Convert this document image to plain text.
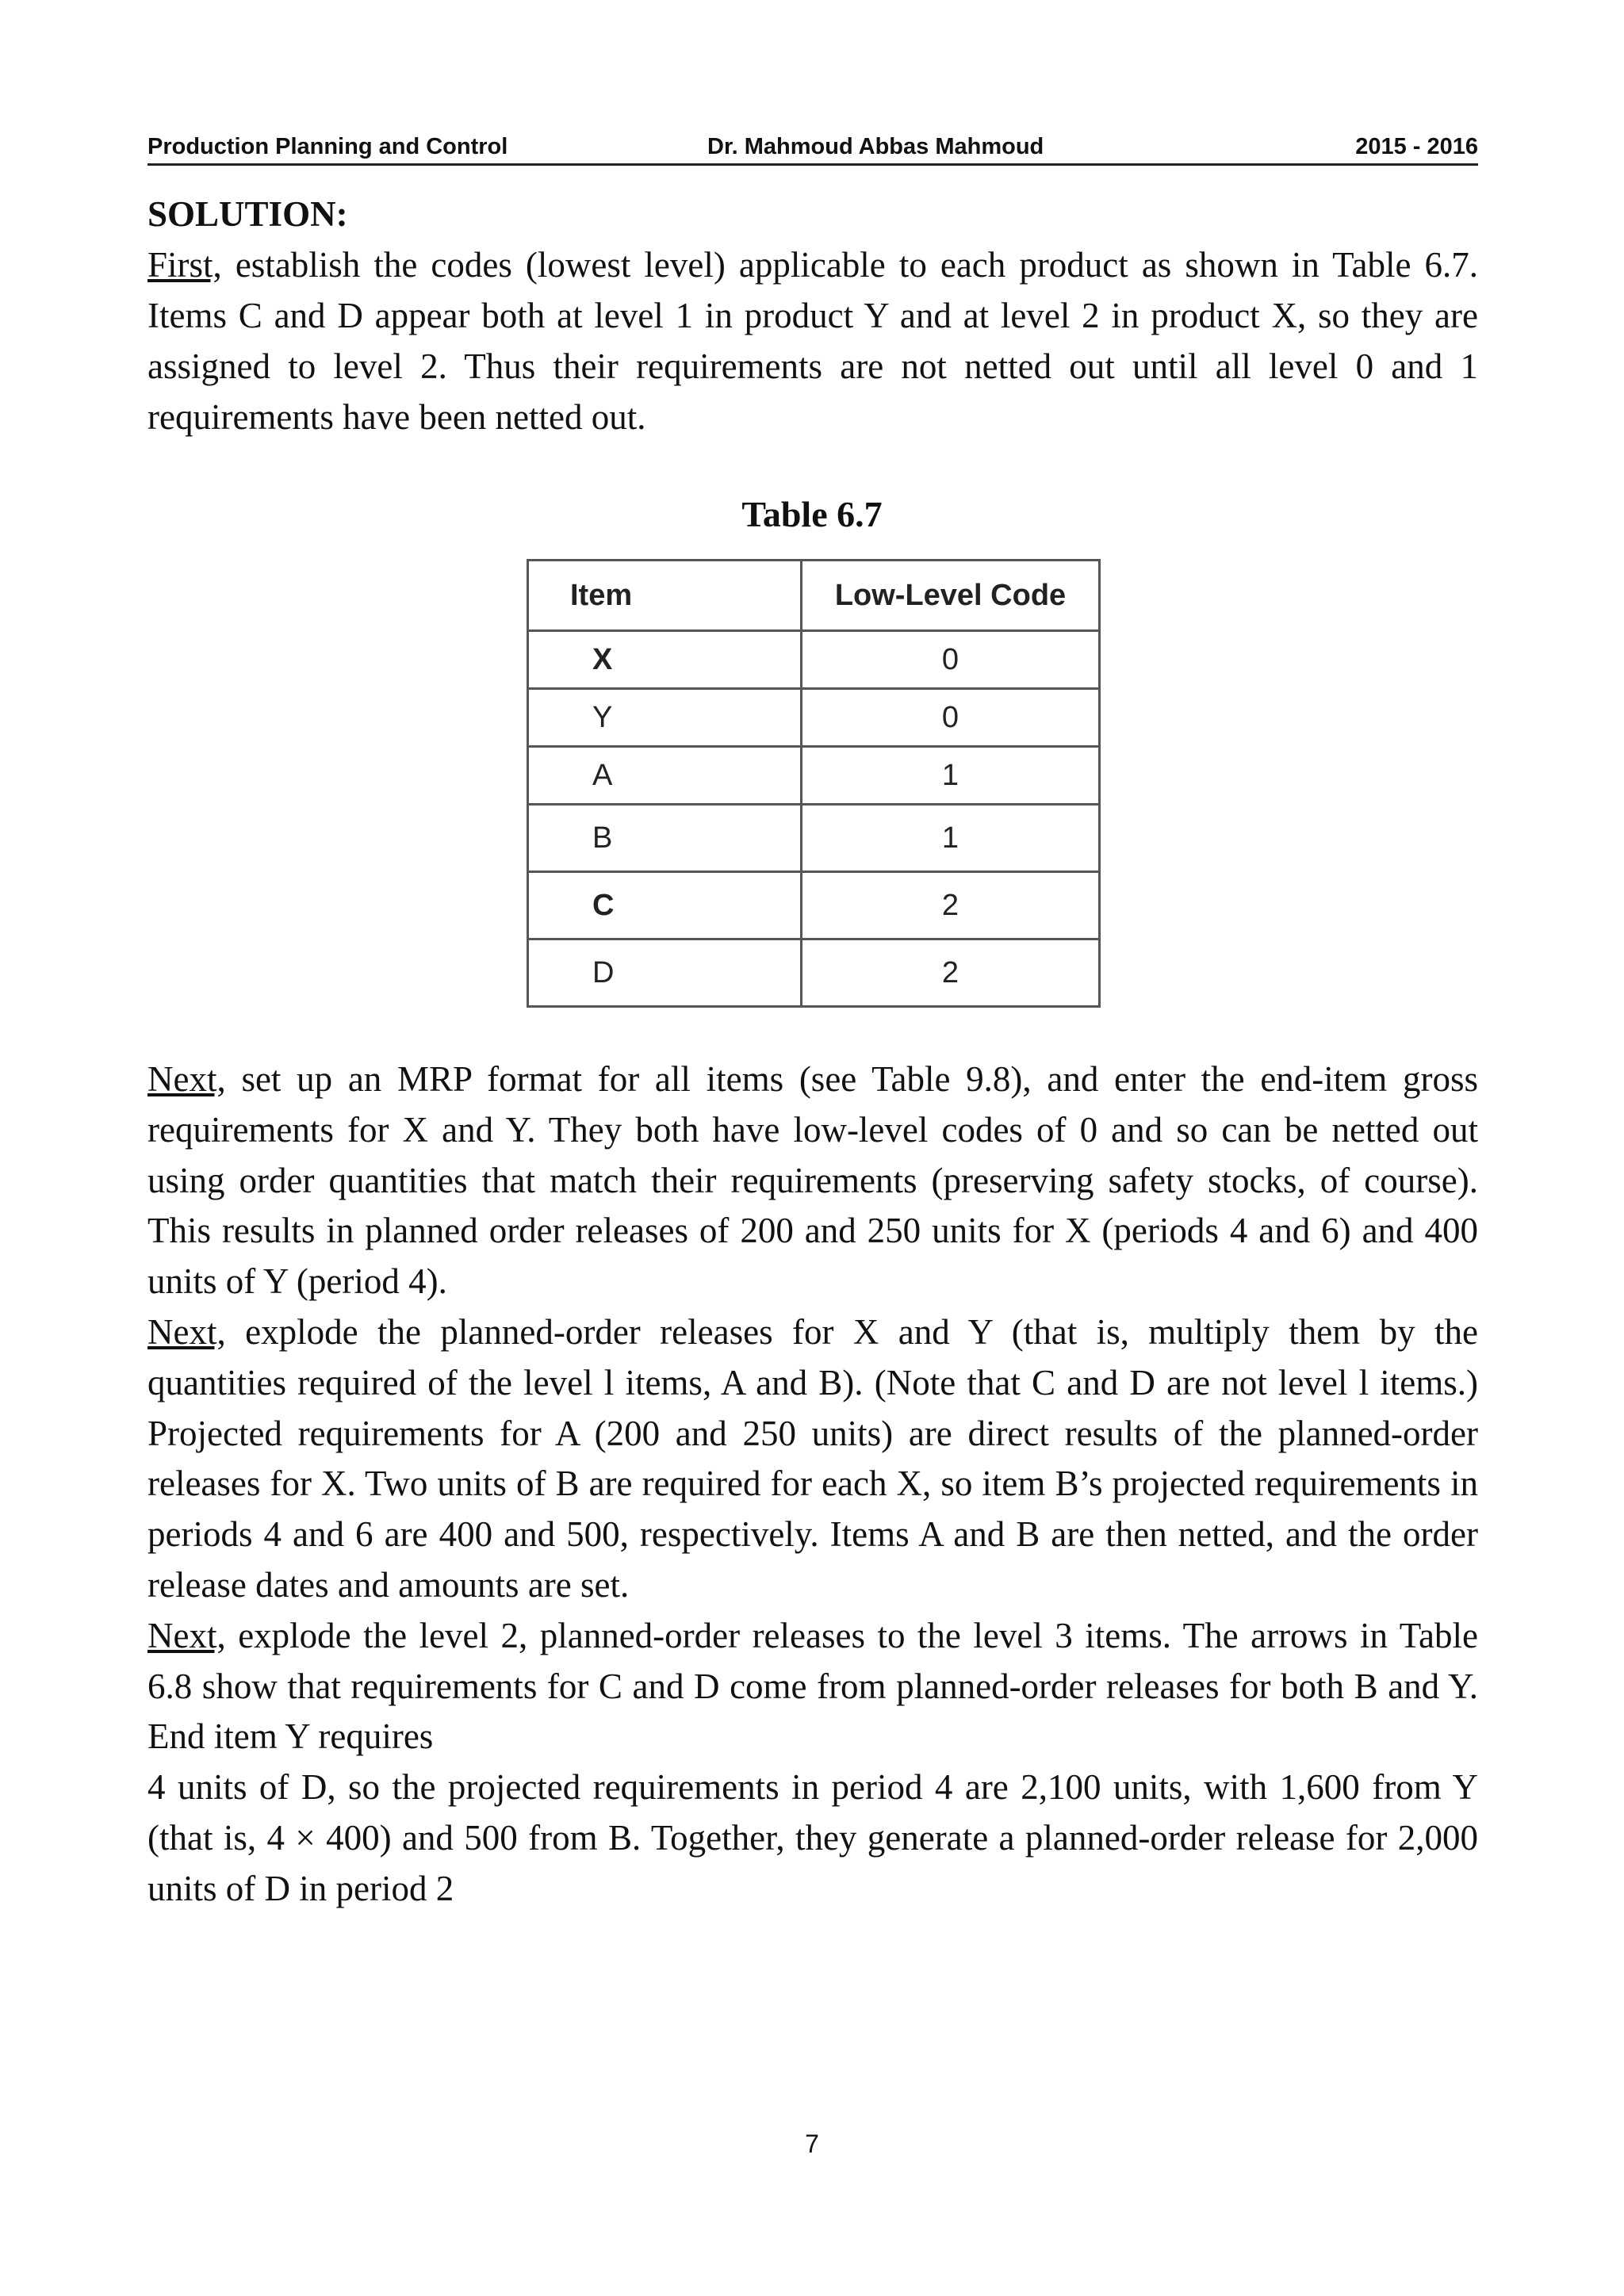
Production Planning and Control	Dr. Mahmoud Abbas Mahmoud	2015 - 2016

SOLUTION:

First, establish the codes (lowest level) applicable to each product as shown in Table 6.7. Items C and D appear both at level 1 in product Y and at level 2 in product X, so they are assigned to level 2. Thus their requirements are not netted out until all level 0 and 1 requirements have been netted out.

Table 6.7
Item	Low-Level Code
X	0
Y	0
A	1
B	1
C	2
D	2

Next, set up an MRP format for all items (see Table 9.8), and enter the end-item gross requirements for X and Y. They both have low-level codes of 0 and so can be netted out using order quantities that match their requirements (preserving safety stocks, of course). This results in planned order releases of 200 and 250 units for X (periods 4 and 6) and 400 units of Y (period 4).

Next, explode the planned-order releases for X and Y (that is, multiply them by the quantities required of the level l items, A and B). (Note that C and D are not level l items.) Projected requirements for A (200 and 250 units) are direct results of the planned-order releases for X. Two units of B are required for each X, so item B’s projected requirements in periods 4 and 6 are 400 and 500, respectively. Items A and B are then netted, and the order release dates and amounts are set.

Next, explode the level 2, planned-order releases to the level 3 items. The arrows in Table 6.8 show that requirements for C and D come from planned-order releases for both B and Y. End item Y requires

4 units of D, so the projected requirements in period 4 are 2,100 units, with 1,600 from Y (that is, 4 × 400) and 500 from B. Together, they generate a planned-order release for 2,000 units of D in period 2

7
